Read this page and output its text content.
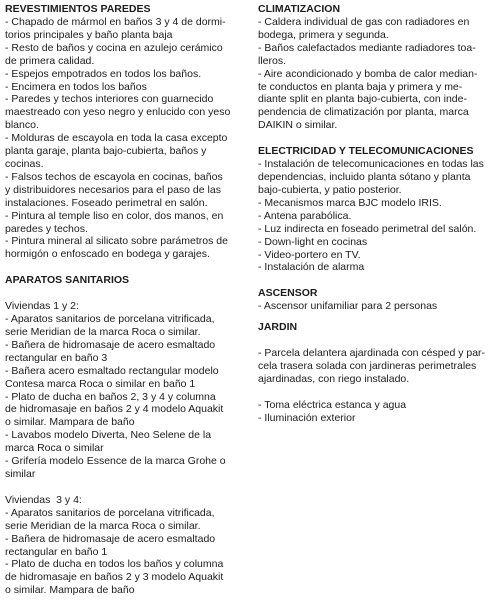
REVESTIMIENTOS PAREDES

- Chapado de mármol en baños 3 y 4 de dormi-

torios principales y baño planta baja

- Resto de baños y cocina en azulejo cerámico

de primera calidad.

- Espejos empotrados en todos los baños.

- Encimera en todos los baños

- Paredes y techos interiores con guarnecido

maestreado con yeso negro y enlucido con yeso

blanco.

- Molduras de escayola en toda la casa excepto

planta garaje, planta bajo-cubierta, baños y

cocinas.

- Falsos techos de escayola en cocinas, baños

y distribuidores necesarios para el paso de las

instalaciones. Foseado perimetral en salón.

- Pintura al temple liso en color, dos manos, en

paredes y techos.

- Pintura mineral al silicato sobre parámetros de

hormigón o enfoscado en bodega y garajes.

APARATOS SANITARIOS

Viviendas 1 y 2:

- Aparatos sanitarios de porcelana vitrificada,

serie Meridian de la marca Roca o similar.

- Bañera de hidromasaje de acero esmaltado

rectangular en baño 3

- Bañera acero esmaltado rectangular modelo

Contesa marca Roca o similar en baño 1

- Plato de ducha en baños 2, 3 y 4 y columna

de hidromasaje en baños 2 y 4 modelo Aquakit

o similar. Mampara de baño

- Lavabos modelo Diverta, Neo Selene de la

marca Roca o similar

- Grifería modelo Essence de la marca Grohe o

similar

Viviendas  3 y 4:

- Aparatos sanitarios de porcelana vitrificada,

serie Meridian de la marca Roca o similar.

- Bañera de hidromasaje de acero esmaltado

rectangular en baño 1

- Plato de ducha en todos los baños y columna

de hidromasaje en baños 2 y 3 modelo Aquakit

o similar. Mampara de baño

CLIMATIZACION

- Caldera individual de gas con radiadores en

bodega, primera y segunda.

- Baños calefactados mediante radiadores toa-

lleros.

- Aire acondicionado y bomba de calor median-

te conductos en planta baja y primera y me-

diante split en planta bajo-cubierta, con inde-

pendencia de climatización por planta, marca

DAIKIN o similar.

ELECTRICIDAD Y TELECOMUNICACIONES

- Instalación de telecomunicaciones en todas las

dependencias, incluido planta sótano y planta

bajo-cubierta, y patio posterior.

- Mecanismos marca BJC modelo IRIS.

- Antena parabólica.

- Luz indirecta en foseado perimetral del salón.

- Down-light en cocinas

- Video-portero en TV.

- Instalación de alarma

ASCENSOR

- Ascensor unifamiliar para 2 personas

JARDIN

- Parcela delantera ajardinada con césped y par-

cela trasera solada con jardineras perimetrales

ajardinadas, con riego instalado.

- Toma eléctrica estanca y agua

- Iluminación exterior
